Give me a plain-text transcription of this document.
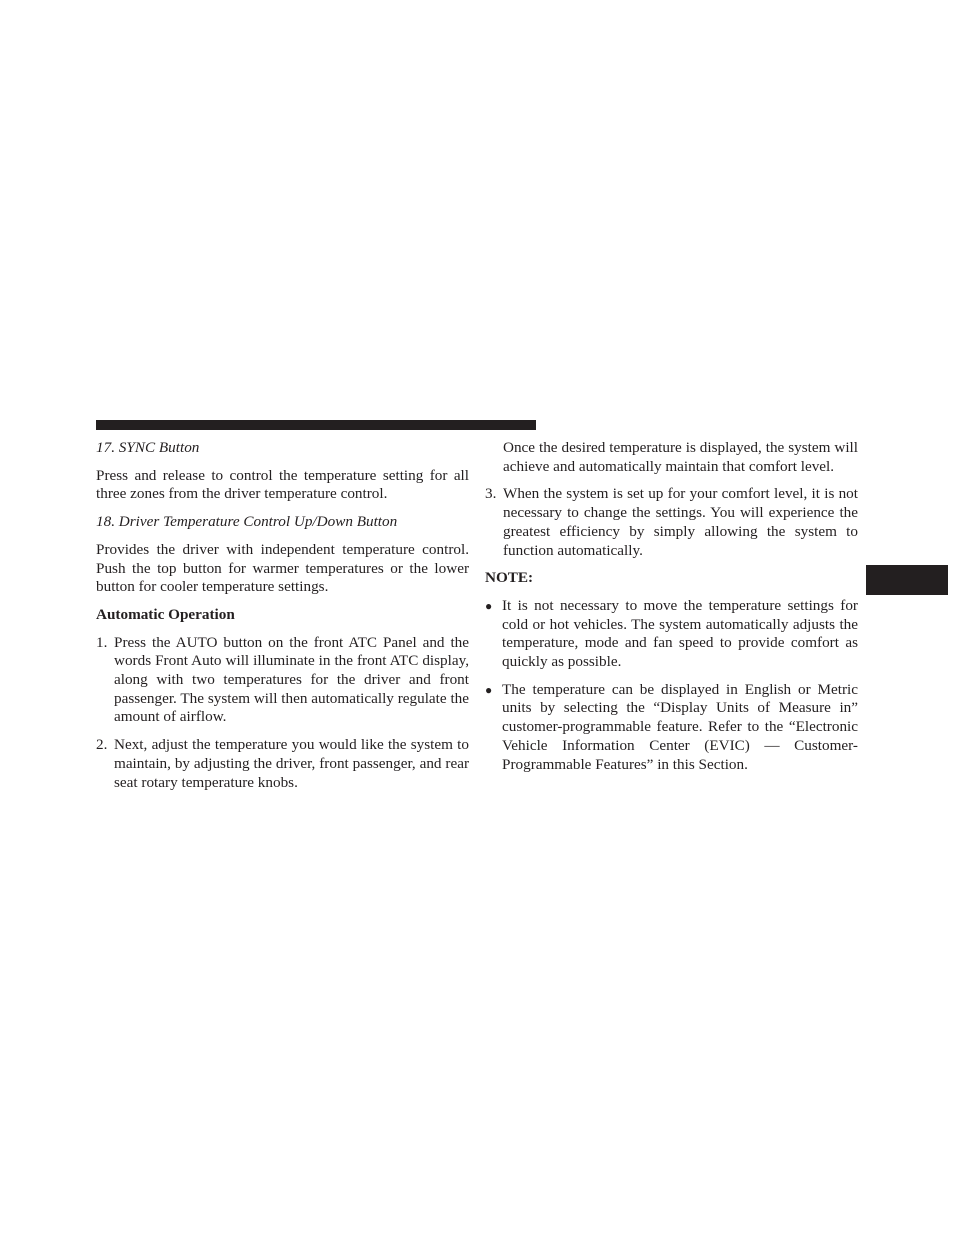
17. SYNC Button

Press and release to control the temperature setting for all three zones from the driver temperature control.

18. Driver Temperature Control Up/Down Button

Provides the driver with independent temperature control. Push the top button for warmer temperatures or the lower button for cooler temperature settings.

Automatic Operation

1. Press the AUTO button on the front ATC Panel and the words Front Auto will illuminate in the front ATC display, along with two temperatures for the driver and front passenger. The system will then automatically regulate the amount of airflow.

2. Next, adjust the temperature you would like the system to maintain, by adjusting the driver, front passenger, and rear seat rotary temperature knobs.

Once the desired temperature is displayed, the system will achieve and automatically maintain that comfort level.

3. When the system is set up for your comfort level, it is not necessary to change the settings. You will experience the greatest efficiency by simply allowing the system to function automatically.

NOTE:

● It is not necessary to move the temperature settings for cold or hot vehicles. The system automatically adjusts the temperature, mode and fan speed to provide comfort as quickly as possible.

● The temperature can be displayed in English or Metric units by selecting the “Display Units of Measure in” customer-programmable feature. Refer to the “Electronic Vehicle Information Center (EVIC) — Customer-Programmable Features” in this Section.
